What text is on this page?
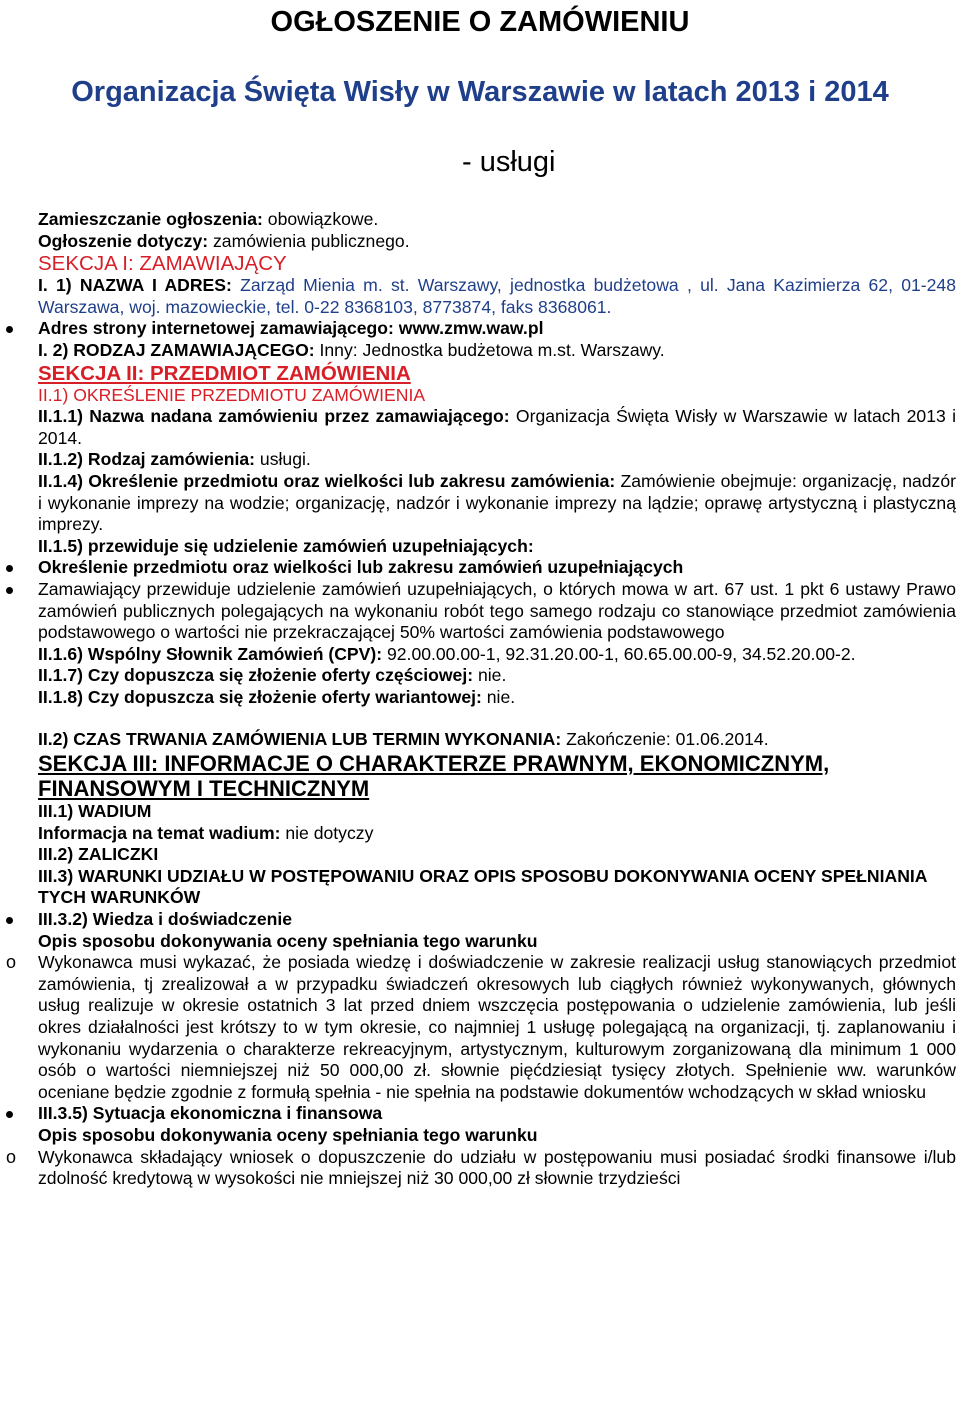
OGŁOSZENIE O ZAMÓWIENIU
Organizacja Święta Wisły w Warszawie w latach 2013 i 2014
- usługi

Zamieszczanie ogłoszenia: obowiązkowe.

Ogłoszenie dotyczy: zamówienia publicznego.

SEKCJA I: ZAMAWIAJĄCY

I. 1) NAZWA I ADRES: Zarząd Mienia m. st. Warszawy, jednostka budżetowa , ul. Jana Kazimierza 62, 01-248 Warszawa, woj. mazowieckie, tel. 0-22 8368103, 8773874, faks 8368061.

Adres strony internetowej zamawiającego: www.zmw.waw.pl

I. 2) RODZAJ ZAMAWIAJĄCEGO: Inny: Jednostka budżetowa m.st. Warszawy.

SEKCJA II: PRZEDMIOT ZAMÓWIENIA

II.1) OKREŚLENIE PRZEDMIOTU ZAMÓWIENIA

II.1.1) Nazwa nadana zamówieniu przez zamawiającego: Organizacja Święta Wisły w Warszawie w latach 2013 i 2014.

II.1.2) Rodzaj zamówienia: usługi.

II.1.4) Określenie przedmiotu oraz wielkości lub zakresu zamówienia: Zamówienie obejmuje: organizację, nadzór i wykonanie imprezy na wodzie; organizację, nadzór i wykonanie imprezy na lądzie; oprawę artystyczną i plastyczną imprezy.

II.1.5) przewiduje się udzielenie zamówień uzupełniających:

Określenie przedmiotu oraz wielkości lub zakresu zamówień uzupełniających

Zamawiający przewiduje udzielenie zamówień uzupełniających, o których mowa w art. 67 ust. 1 pkt 6 ustawy Prawo zamówień publicznych polegających na wykonaniu robót tego samego rodzaju co stanowiące przedmiot zamówienia podstawowego o wartości nie przekraczającej 50% wartości zamówienia podstawowego

II.1.6) Wspólny Słownik Zamówień (CPV): 92.00.00.00-1, 92.31.20.00-1, 60.65.00.00-9, 34.52.20.00-2.

II.1.7) Czy dopuszcza się złożenie oferty częściowej: nie.

II.1.8) Czy dopuszcza się złożenie oferty wariantowej: nie.

II.2) CZAS TRWANIA ZAMÓWIENIA LUB TERMIN WYKONANIA: Zakończenie: 01.06.2014.

SEKCJA III: INFORMACJE O CHARAKTERZE PRAWNYM, EKONOMICZNYM, FINANSOWYM I TECHNICZNYM

III.1) WADIUM

Informacja na temat wadium: nie dotyczy

III.2) ZALICZKI

III.3) WARUNKI UDZIAŁU W POSTĘPOWANIU ORAZ OPIS SPOSOBU DOKONYWANIA OCENY SPEŁNIANIA TYCH WARUNKÓW

III.3.2) Wiedza i doświadczenie

Opis sposobu dokonywania oceny spełniania tego warunku

o Wykonawca musi wykazać, że posiada wiedzę i doświadczenie w zakresie realizacji usług stanowiących przedmiot zamówienia, tj zrealizował a w przypadku świadczeń okresowych lub ciągłych również wykonywanych, głównych usług realizuje w okresie ostatnich 3 lat przed dniem wszczęcia postępowania o udzielenie zamówienia, lub jeśli okres działalności jest krótszy to w tym okresie, co najmniej 1 usługę polegającą na organizacji, tj. zaplanowaniu i wykonaniu wydarzenia o charakterze rekreacyjnym, artystycznym, kulturowym zorganizowaną dla minimum 1 000 osób o wartości niemniejszej niż 50 000,00 zł. słownie pięćdziesiąt tysięcy złotych. Spełnienie ww. warunków oceniane będzie zgodnie z formułą spełnia - nie spełnia na podstawie dokumentów wchodzących w skład wniosku

III.3.5) Sytuacja ekonomiczna i finansowa

Opis sposobu dokonywania oceny spełniania tego warunku

o Wykonawca składający wniosek o dopuszczenie do udziału w postępowaniu musi posiadać środki finansowe i/lub zdolność kredytową w wysokości nie mniejszej niż 30 000,00 zł słownie trzydzieści
